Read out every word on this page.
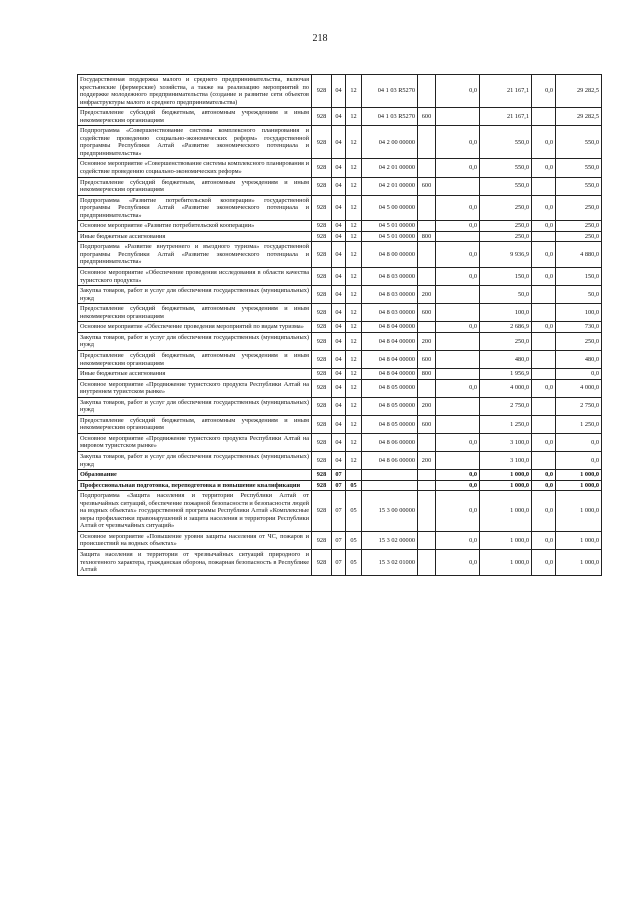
218
Государственная поддержка малого и среднего предпринимательства, включая крестьянские (фермерские) хозяйства, а также на реализацию мероприятий по поддержке молодежного предпринимательства (создание и развитие сети объектов инфраструктуры малого и среднего предпринимательства)	928	04	12	04 1 03 R5270		0,0	21 167,1	0,0	29 282,5
Предоставление субсидий бюджетным, автономным учреждениям и иным некоммерческим организациям	928	04	12	04 1 03 R5270	600		21 167,1		29 282,5
Подпрограмма «Совершенствование системы комплексного планирования и содействие проведению социально-экономических реформ» государственной программы Республики Алтай «Развитие экономического потенциала и предпринимательства»	928	04	12	04 2 00 00000		0,0	550,0	0,0	550,0
Основное мероприятие «Совершенствование системы комплексного планирования и содействие проведению социально-экономических реформ»	928	04	12	04 2 01 00000		0,0	550,0	0,0	550,0
Предоставление субсидий бюджетным, автономным учреждениям и иным некоммерческим организациям	928	04	12	04 2 01 00000	600		550,0		550,0
Подпрограмма «Развитие потребительской кооперации» государственной программы Республики Алтай «Развитие экономического потенциала и предпринимательства»	928	04	12	04 5 00 00000		0,0	250,0	0,0	250,0
Основное мероприятие «Развитие потребительской кооперации»	928	04	12	04 5 01 00000		0,0	250,0	0,0	250,0
Иные бюджетные ассигнования	928	04	12	04 5 01 00000	800		250,0		250,0
Подпрограмма «Развитие внутреннего и въездного туризма» государственной программы Республики Алтай «Развитие экономического потенциала и предпринимательства»	928	04	12	04 8 00 00000		0,0	9 936,9	0,0	4 880,0
Основное мероприятие «Обеспечение проведения исследования в области качества туристского продукта»	928	04	12	04 8 03 00000		0,0	150,0	0,0	150,0
Закупка товаров, работ и услуг для обеспечения государственных (муниципальных) нужд	928	04	12	04 8 03 00000	200		50,0		50,0
Предоставление субсидий бюджетным, автономным учреждениям и иным некоммерческим организациям	928	04	12	04 8 03 00000	600		100,0		100,0
Основное мероприятие «Обеспечение проведения мероприятий по видам туризма»	928	04	12	04 8 04 00000		0,0	2 686,9	0,0	730,0
Закупка товаров, работ и услуг для обеспечения государственных (муниципальных) нужд	928	04	12	04 8 04 00000	200		250,0		250,0
Предоставление субсидий бюджетным, автономным учреждениям и иным некоммерческим организациям	928	04	12	04 8 04 00000	600		480,0		480,0
Иные бюджетные ассигнования	928	04	12	04 8 04 00000	800		1 956,9		0,0
Основное мероприятие «Продвижение туристского продукта Республики Алтай на внутреннем туристском рынке»	928	04	12	04 8 05 00000		0,0	4 000,0	0,0	4 000,0
Закупка товаров, работ и услуг для обеспечения государственных (муниципальных) нужд	928	04	12	04 8 05 00000	200		2 750,0		2 750,0
Предоставление субсидий бюджетным, автономным учреждениям и иным некоммерческим организациям	928	04	12	04 8 05 00000	600		1 250,0		1 250,0
Основное мероприятие «Продвижение туристского продукта Республики Алтай на мировом туристском рынке»	928	04	12	04 8 06 00000		0,0	3 100,0	0,0	0,0
Закупка товаров, работ и услуг для обеспечения государственных (муниципальных) нужд	928	04	12	04 8 06 00000	200		3 100,0		0,0
Образование	928	07				0,0	1 000,0	0,0	1 000,0
Профессиональная подготовка, переподготовка и повышение квалификации	928	07	05			0,0	1 000,0	0,0	1 000,0
Подпрограмма «Защита населения и территории Республики Алтай от чрезвычайных ситуаций, обеспечение пожарной безопасности и безопасности людей на водных объектах» государственной программы Республики Алтай «Комплексные меры профилактики правонарушений и защита населения и территории Республики Алтай от чрезвычайных ситуаций»	928	07	05	15 3 00 00000		0,0	1 000,0	0,0	1 000,0
Основное мероприятие «Повышение уровня защиты населения от ЧС, пожаров и происшествий на водных объектах»	928	07	05	15 3 02 00000		0,0	1 000,0	0,0	1 000,0
Защита населения и территории от чрезвычайных ситуаций природного и техногенного характера, гражданская оборона, пожарная безопасность в Республике Алтай	928	07	05	15 3 02 01000		0,0	1 000,0	0,0	1 000,0
